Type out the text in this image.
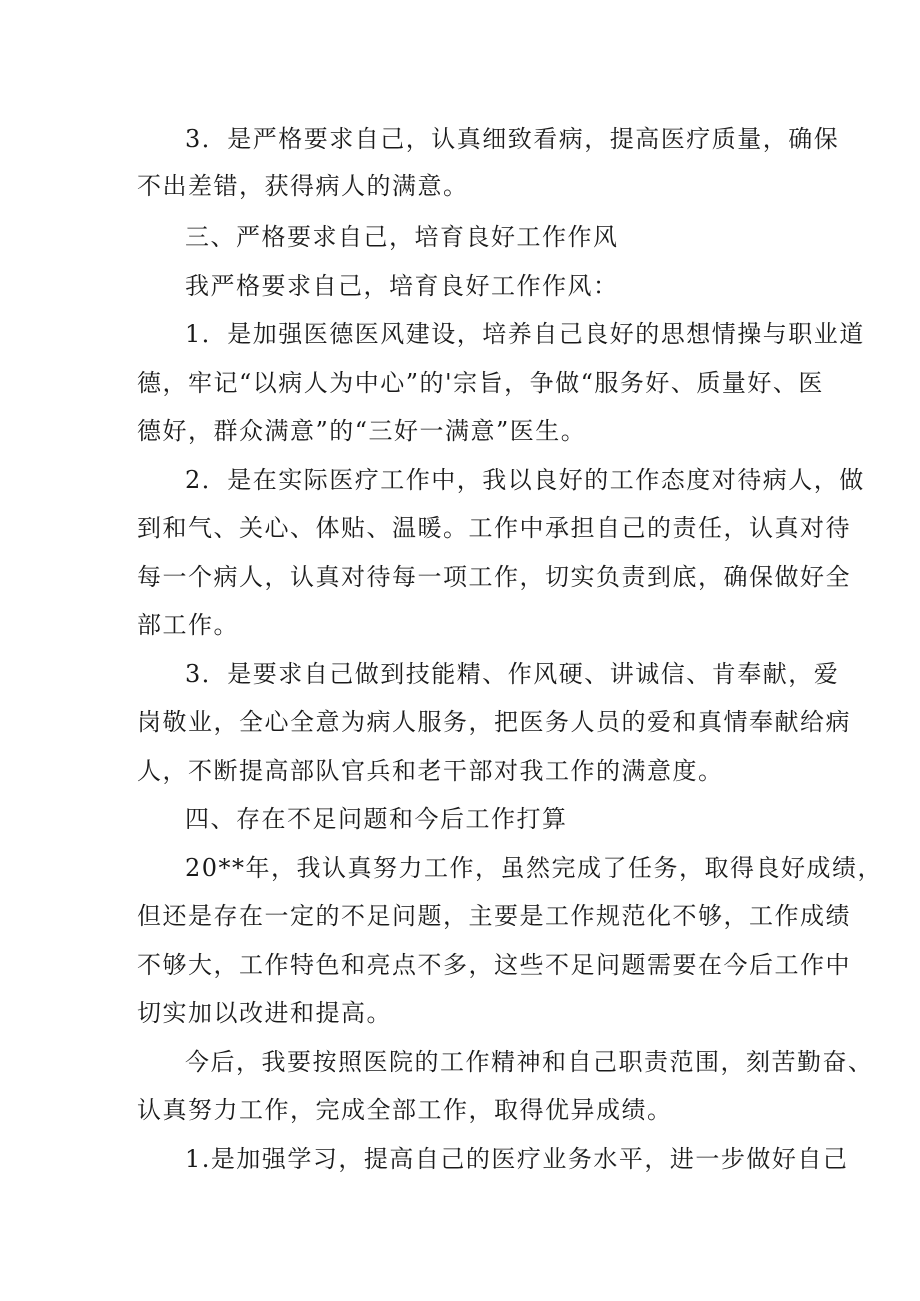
3．是严格要求自己，认真细致看病，提高医疗质量，确保
不出差错，获得病人的满意。
三、严格要求自己，培育良好工作作风
我严格要求自己，培育良好工作作风：
1．是加强医德医风建设，培养自己良好的思想情操与职业道
德，牢记“以病人为中心”的'宗旨，争做“服务好、质量好、医
德好，群众满意”的“三好一满意”医生。
2．是在实际医疗工作中，我以良好的工作态度对待病人，做
到和气、关心、体贴、温暖。工作中承担自己的责任，认真对待
每一个病人，认真对待每一项工作，切实负责到底，确保做好全
部工作。
3．是要求自己做到技能精、作风硬、讲诚信、肯奉献，爱
岗敬业，全心全意为病人服务，把医务人员的爱和真情奉献给病
人，不断提高部队官兵和老干部对我工作的满意度。
四、存在不足问题和今后工作打算
20**年，我认真努力工作，虽然完成了任务，取得良好成绩，
但还是存在一定的不足问题，主要是工作规范化不够，工作成绩
不够大，工作特色和亮点不多，这些不足问题需要在今后工作中
切实加以改进和提高。
今后，我要按照医院的工作精神和自己职责范围，刻苦勤奋、
认真努力工作，完成全部工作，取得优异成绩。
1.是加强学习，提高自己的医疗业务水平，进一步做好自己
